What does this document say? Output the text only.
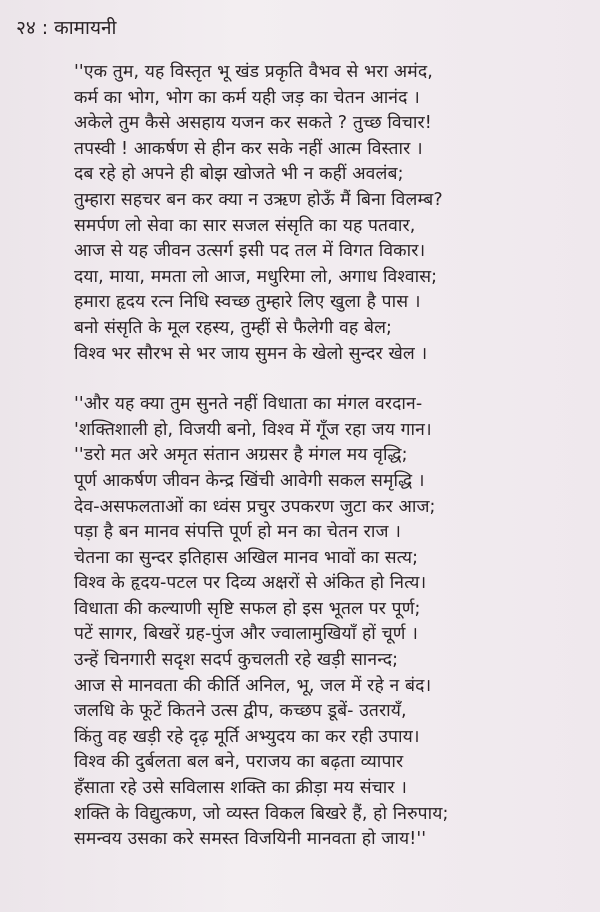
२४ : कामायनी
''एक तुम, यह विस्तृत भू खंड प्रकृति वैभव से भरा अमंद,
कर्म का भोग, भोग का कर्म यही जड़ का चेतन आनंद ।
अकेले तुम कैसे असहाय यजन कर सकते ? तुच्छ विचार!
तपस्वी ! आकर्षण से हीन कर सके नहीं आत्म विस्तार ।
दब रहे हो अपने ही बोझ खोजते भी न कहीं अवलंब;
तुम्हारा सहचर बन कर क्या न उऋण होऊँ मैं बिना विलम्ब?
समर्पण लो सेवा का सार सजल संसृति का यह पतवार,
आज से यह जीवन उत्सर्ग इसी पद तल में विगत विकार।
दया, माया, ममता लो आज, मधुरिमा लो, अगाध विश्वास;
हमारा हृदय रत्न निधि स्वच्छ तुम्हारे लिए खुला है पास ।
बनो संसृति के मूल रहस्य, तुम्हीं से फैलेगी वह बेल;
विश्व भर सौरभ से भर जाय सुमन के खेलो सुन्दर खेल ।
''और यह क्या तुम सुनते नहीं विधाता का मंगल वरदान-
'शक्तिशाली हो, विजयी बनो, विश्व में गूँज रहा जय गान।
''डरो मत अरे अमृत संतान अग्रसर है मंगल मय वृद्धि;
पूर्ण आकर्षण जीवन केन्द्र खिंची आवेगी सकल समृद्धि ।
देव-असफलताओं का ध्वंस प्रचुर उपकरण जुटा कर आज;
पड़ा है बन मानव संपत्ति पूर्ण हो मन का चेतन राज ।
चेतना का सुन्दर इतिहास अखिल मानव भावों का सत्य;
विश्व के हृदय-पटल पर दिव्य अक्षरों से अंकित हो नित्य।
विधाता की कल्याणी सृष्टि सफल हो इस भूतल पर पूर्ण;
पटें सागर, बिखरें ग्रह-पुंज और ज्वालामुखियाँ हों चूर्ण ।
उन्हें चिनगारी सदृश सदर्प कुचलती रहे खड़ी सानन्द;
आज से मानवता की कीर्ति अनिल, भू, जल में रहे न बंद।
जलधि के फूटें कितने उत्स द्वीप, कच्छप डूबें- उतरायँ,
किंतु वह खड़ी रहे दृढ़ मूर्ति अभ्युदय का कर रही उपाय।
विश्व की दुर्बलता बल बने, पराजय का बढ़ता व्यापार
हँसाता रहे उसे सविलास शक्ति का क्रीड़ा मय संचार ।
शक्ति के विद्युत्कण, जो व्यस्त विकल बिखरे हैं, हो निरुपाय;
समन्वय उसका करे समस्त विजयिनी मानवता हो जाय!''
